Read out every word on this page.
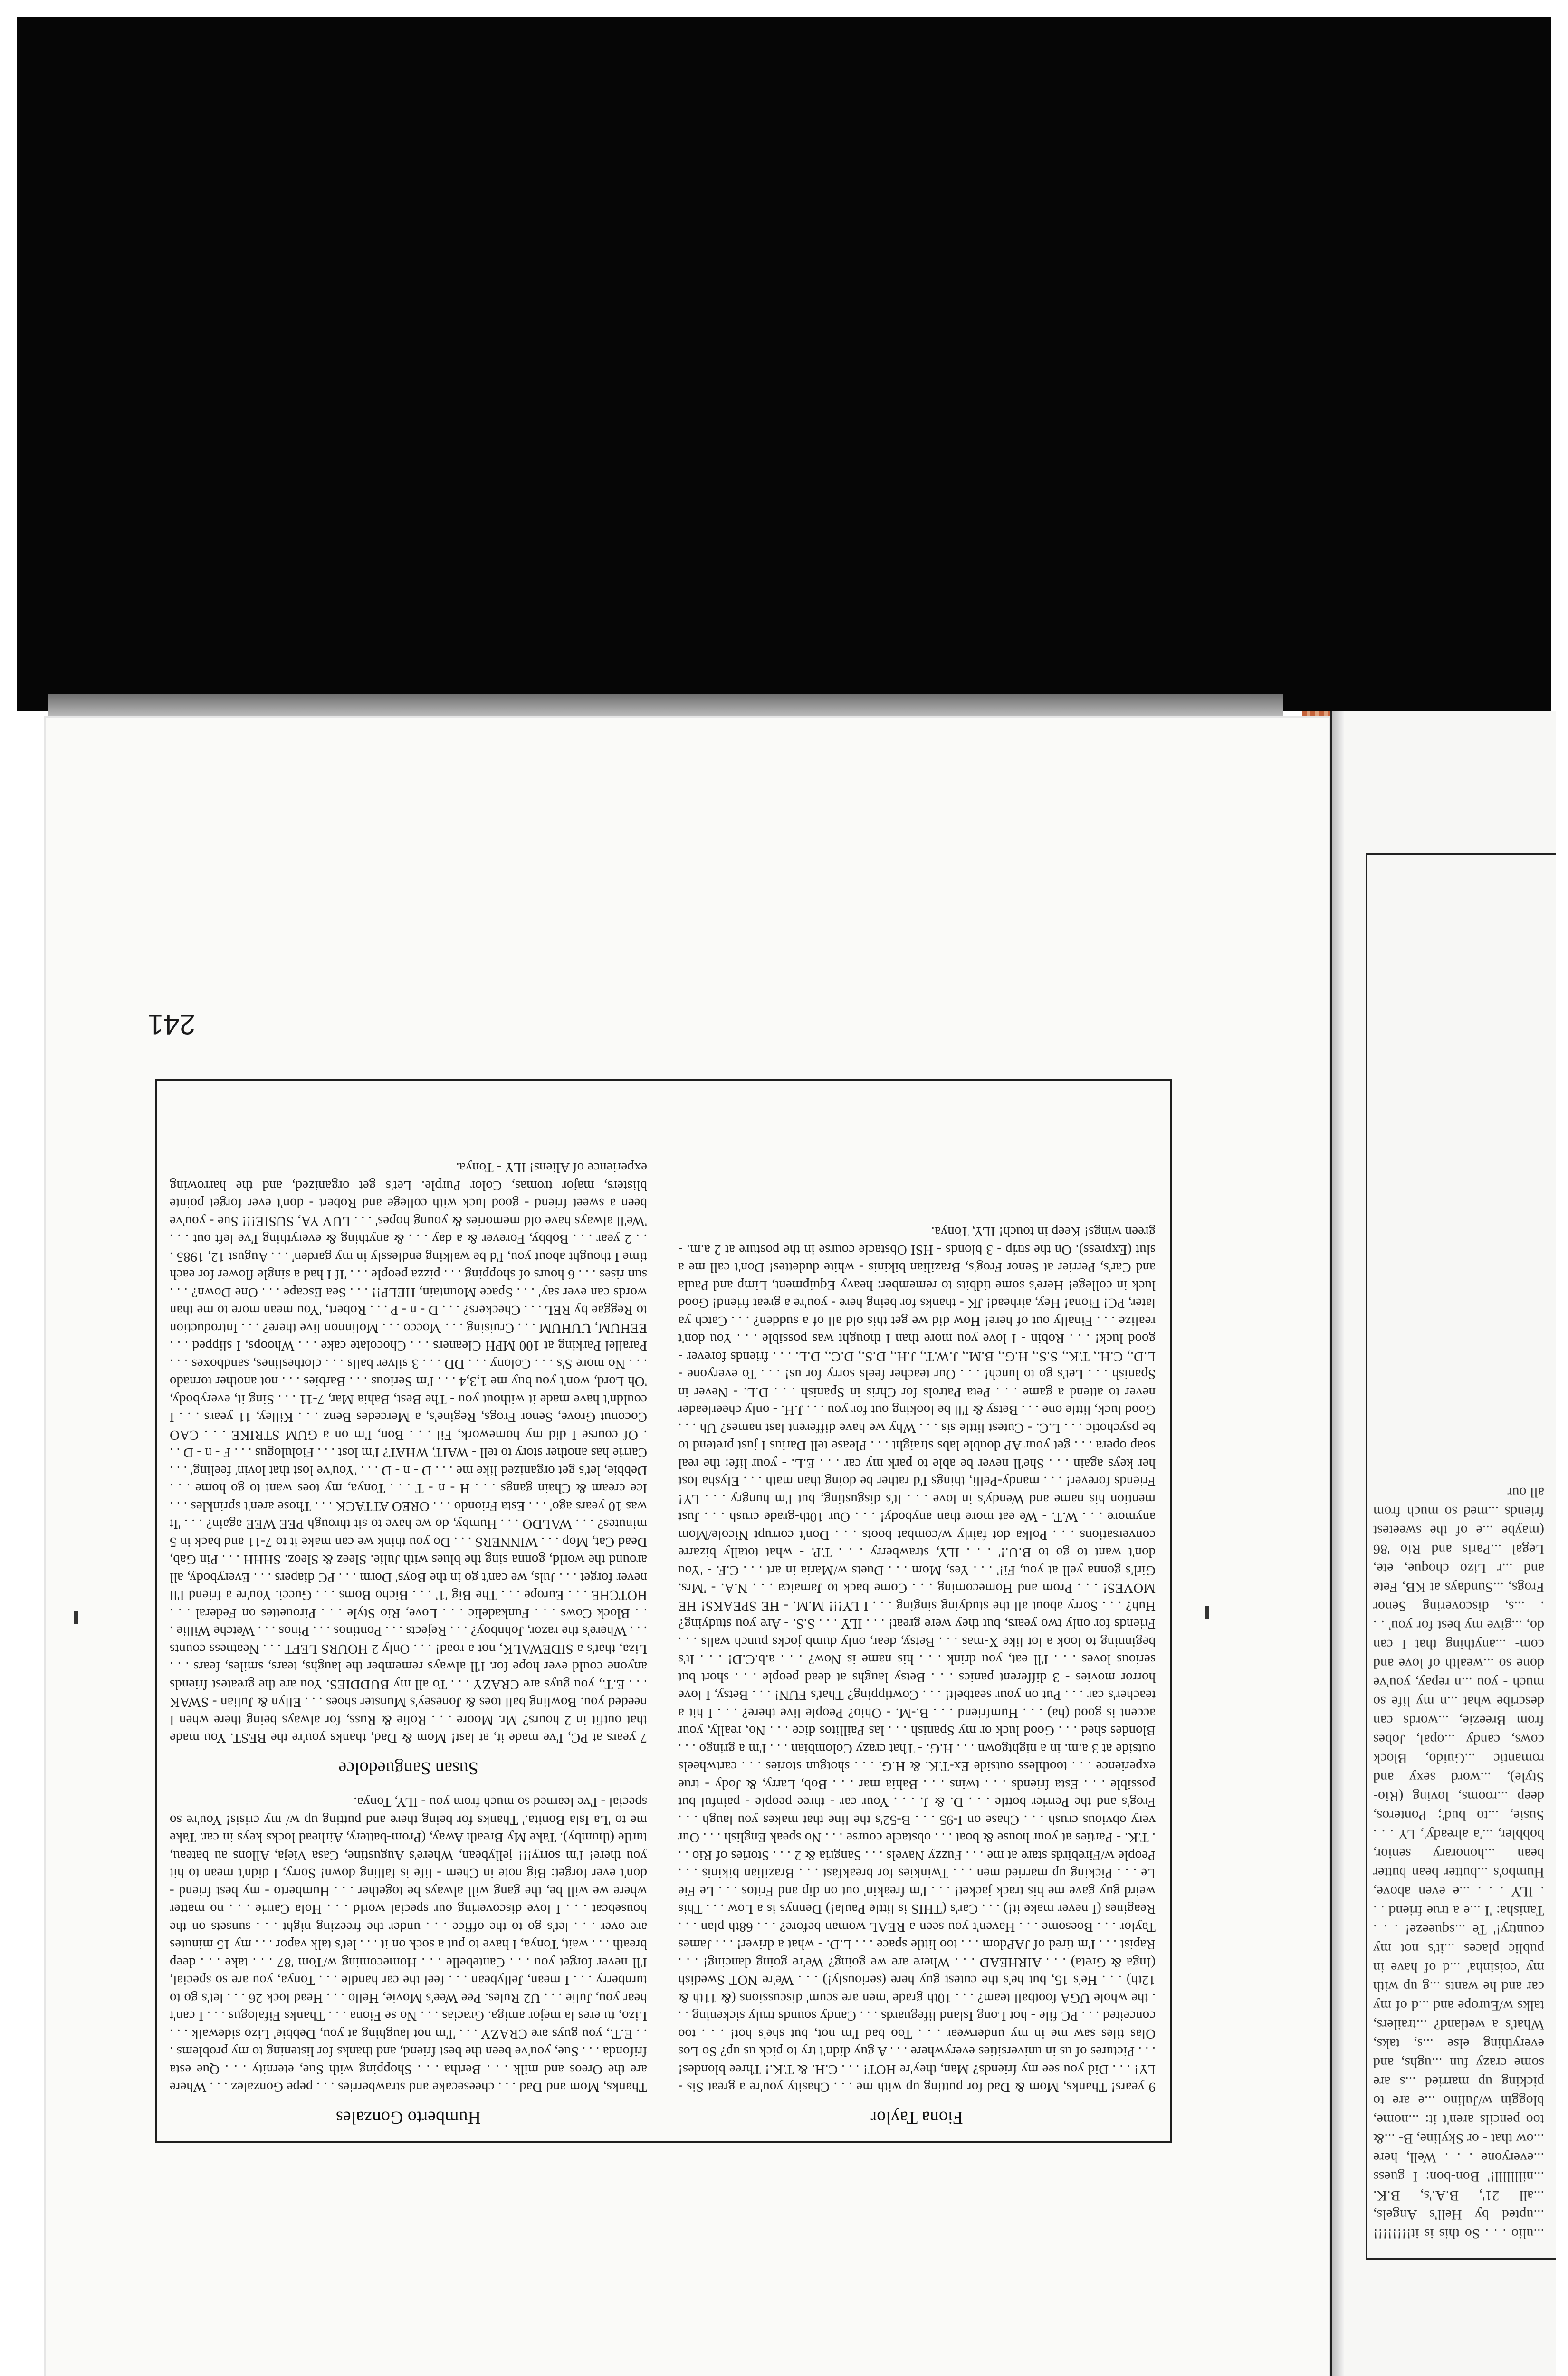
...ulio . . . So this is it!!!!!!!! ...upted by Hell's Angels, ...all 21', B.A.'s, B.K. ...nilllllll!' Bon-bon: I guess ...everyone . . . Well, here ...ow that - or Skyline, B- ...& too pencils aren't it: ...nome, bloggin w/Julino ...e are to picking up married ...s are some crazy fun ...ughs, and everything else ...s, taks, What's a wetland? ...trailers, talks w/Europe and ...d of my car and he wants ...g up with my 'coisinha' ...d of have in public places ...it's not my country!' Te ...squeeze! . . . Tanisha: 'I ...e a true friend . . . ILY . . . ...e even above, Humbo's ...butter bean butter bean ...honorary senior, bobbler, ...'a already', LY . . . Susie, ...to bud'; Ponteros, deep ...rooms, loving (Rio-Style), ...word sexy and romantic ...Guido, Block cows, candy ...opal, Jobes from Breezie, ...words can describe what ...n my life so much - you ...n repay, you've done so ...wealth of love and com- ...anything that I can do, ...give my best for you' . . . ...s, discovering Senor Frogs, ...Sundays at KB, Fete and ...r Lizo choque, ete, Legal ...Paris and Rio '86 (maybe ...e of the sweetest friends ...med so much from all our
Fiona Taylor

9 years! Thanks, Mom & Dad for putting up with me . . . Chasity you're a great Sis - LY! . . . Did you see my friends? Man, they're HOT! . . . C.H. & T.K.! Three blondes! . . . Pictures of us in universities everywhere . . . A guy didn't try to pick us up? So Los Olas tiles saw me in my underwear . . . Too bad I'm not, but she's hot! . . . too conceited . . . PC file - hot Long Island lifeguards . . . Candy sounds truly sickening . . . the whole UGA football team? . . . 10th grade 'men are scum' discussions (& 11th & 12th) . . . He's 15, but he's the cutest guy here (seriously!) . . . We're NOT Swedish (Inga & Greta) . . . AIRHEAD . . . Where are we going? We're going dancing! . . . Rapist . . . I'm tired of JAPdom . . . too little space . . . L.D. - what a driver! . . . James Taylor . . . Boesome . . . Haven't you seen a REAL woman before? . . . 68th plan . . . Reagines (I never make it!) . . . Car's (THIS is little Paula!) Dennys is a Low . . . This weird guy gave me his track jacket! . . . I'm freakin' out on dip and Fritos . . . Le Fie Le . . . Picking up married men . . . Twinkies for breakfast . . . Brazilian bikinis . . . People w/Firebirds stare at me . . . Fuzzy Navels . . . Sangria & 2 . . . Stories of Rio . . . T.K. - Parties at your house & boat . . . obstacle course . . . No speak English . . . Our very obvious crush . . . Chase on I-95 . . . B-52's the line that makes you laugh . . . Frog's and the Perrier bottle . . . D. & J. . . . Your car - three people - painful but possible . . . Esta friends . . . twins . . . Bahia mar . . . Bob, Larry, & Jody - true experience . . . toothless outside Ex-T.K. & H.G. . . . shotgun stories . . . cartwheels outside at 3 a.m. in a nightgown . . . H.G. - That crazy Colombian . . . I'm a gringo . . . Blondes shed . . . Good luck or my Spanish . . . las Paillitos dice . . . No, really, your accent is good (ha) . . . Humfriend . . . B.-M. - Ohio? People live there? . . . I hit a teacher's car . . . Put on your seatbelt! . . . Cowtipping? That's FUN! . . . Betsy, I love horror movies - 3 different panics . . . Betsy laughs at dead people . . . short but serious loves . . . I'll eat, you drink . . . his name is Now? . . . a.b.C.D! . . . It's beginning to look a lot like X-mas . . . Betsy, dear, only dumb jocks punch walls . . . Friends for only two years, but they were great! . . . ILY . . . S.S. - Are you studying? Huh? . . . Sorry about all the studying singing . . . I LY!!! M.M. - HE SPEAKS! HE MOVES! . . . Prom and Homecoming . . . Come back to Jamaica . . . N.A. - 'Mrs. Girl's gonna yell at you, Fi!' . . . Yes, Mom . . . Duets w/Maria in art . . . C.F. - 'You don't want to go to B.U.!' . . . ILY, strawberry . . . T.P. - what totally bizarre conversations . . . Polka dot fairly w/combat boots . . . Don't corrupt Nicole/Mom anymore . . . W.T. - We eat more than anybody! . . . Our 10th-grade crush . . . Just mention his name and Wendy's in love . . . It's disgusting, but I'm hungry . . . LY! Friends forever! . . . mandy-Pelli, things I'd rather be doing than math . . . Elysha lost her keys again . . . She'll never be able to park my car . . . E.L. - your life: the real soap opera . . . get your AP double labs straight . . . Please tell Darius I just pretend to be psychotic . . . L.C. - Cutest little sis . . . Why we have different last names? Uh . . . Good luck, little one . . . Betsy & I'll be looking out for you . . . J.H. - only cheerleader never to attend a game . . . Peta Patrols for Chris in Spanish . . . D.L. - Never in Spanish . . . Let's go to lunch! . . . Our teacher feels sorry for us! . . . To everyone - L.D., C.H., T.K., S.S., H.G., B.M., J.W.T., J.H., D.S., D.C., D.L. . . . friends forever - good luck! . . . Robin - I love you more than I thought was possible . . . You don't realize . . . Finally out of here! How did we get this old all of a sudden? . . . Catch ya later, PC! Fiona! Hey, airhead! JK - thanks for being here - you're a great friend! Good luck in college! Here's some tidbits to remember: heavy Equipment, Limp and Paula and Car's, Perrier at Senor Frog's, Brazilian bikinis - white dudettes! Don't call me a slut (Express). On the strip - 3 blonds - HSI Obstacle course in the posture at 2 a.m. - green wings! Keep in touch! ILY, Tonya.

Humberto Gonzales

Thanks, Mom and Dad . . . cheesecake and strawberries . . . pepe Gonzalez . . . Where are the Oreos and milk . . . Bertha . . . Shopping with Sue, eternity . . . Que esta frifonda . . . Sue, you've been the best friend, and thanks for listening to my problems . . . E.T., you guys are CRAZY . . . 'I'm not laughing at you, Debbie' Lizo sidewalk . . . Lizo, tu eres la mejor amiga. Gracias . . . No se Fiona . . . Thanks Fifalogus . . . I can't hear you, Julie . . . U2 Rules. Pee Wee's Movie, Hello . . . Head lock 26 . . . let's go to turnberry . . . I mean, Jellybean . . . feel the car handle . . . Tonya, you are so special, I'll never forget you . . . Cantebelle . . . Homecoming w/Tom '87 . . . take . . . deep breath . . . wait, Tonya, I have to put a sock on it . . . let's talk vapor . . . my 15 minutes are over . . . let's go to the office . . . under the freezing night . . . sunsets on the housebcat . . . I love discovering our special world . . . Hola Carrie . . . no matter where we will be, the gang will always be together . . . Humberto - my best friend - don't ever forget: Big note in Chem - life is falling down! Sorry, I didn't mean to hit you there! I'm sorry!!! jellybean, Where's Augustine, Casa Vieja, Allons au bateau, turtle (thumby). Take My Breath Away, (Prom-battery, Airhead locks keys in car. Take me to 'La Isla Bonita.' Thanks for being there and putting up w/ my crisis! You're so special - I've learned so much from you - ILY, Tonya.

Susan Sanguedolce

7 years at PC, I've made it, at last! Mom & Dad, thanks you're the BEST. You made that outfit in 2 hours? Mr. Moore . . . Rolie & Russ, for always being there when I needed you. Bowling ball toes & Jonesey's Munster shoes . . . Ellyn & Julian - SWAK . . . E.T., you guys are CRAZY . . . To all my BUDDIES. You are the greatest friends anyone could ever hope for. I'll always remember the laughs, tears, smiles, fears . . . Liza, that's a SIDEWALK, not a road! . . . Only 2 HOURS LEFT . . . Neatness counts . . . Where's the razor, Johnboy? . . . Rejects . . . Pontinos . . . Pinos . . . Wetche Willie . . . Block Cows . . . Funkadelic . . . Love, Rio Style . . . Pirouettes on Federal . . . HOTCHE . . . Europe . . . The Big '1' . . . Bicho Boms . . . Gucci. You're a friend I'll never forget . . . Juls, we can't go in the Boys' Dorm . . . PC diapers . . . Everybody, all around the world, gonna sing the blues with Julie. Sleez & Sleoz. SHHH . . . Pin Gab, Dead Cat, Mop . . . WINNERS . . . Do you think we can make it to 7-11 and back in 5 minutes? . . . WALDO . . . Humby, do we have to sit through PEE WEE again? . . . 'It was 10 years ago' . . . Esta Friondo . . . OREO ATTACK . . . Those aren't sprinkles . . . Ice cream & Chain gangs . . . H - n - T . . . Tonya, my toes want to go home . . . Debbie, let's get organized like me . . . D - n - D . . . 'You've lost that lovin' feeling' . . . Carrie has another story to tell - WAIT, WHAT? I'm lost . . . Fiolulogus . . . F - n - D . . . Of course I did my homework, Fil . . . Bon, I'm on a GUM STRIKE . . . CAO Coconut Grove, Senor Frogs, Regine's, a Mercedes Benz . . . Killey, 11 years . . . I couldn't have made it without you - The Best, Bahia Mar, 7-11 . . . Sing it, everybody, 'Oh Lord, won't you buy me 1,3,4 . . . I'm Serious . . . Barbies . . . not another tornado . . . No more S's . . . Colony . . . DD . . . 3 silver balls . . . clotheslines, sandboxes . . . Parallel Parking at 100 MPH Cleaners . . . Chocolate cake . . . Whoops, I slipped . . . EEHUM, UUHUM . . . Cruising . . . Mocco . . . Molinnon live there? . . . Introduction to Reggae by REL . . . Checkers? . . . D - n - P . . . Robert, 'You mean more to me than words can ever say' . . . Space Mountain, HELP!! . . . Sea Escape . . . One Down? . . . sun rises . . . 6 hours of shopping . . . pizza people . . . 'If I had a single flower for each time I thought about you, I'd be walking endlessly in my garden' . . . August 12, 1985 . . . 2 year . . . Bobby, Forever & a day . . . & anything & everything I've left out . . . 'We'll always have old memories & young hopes' . . . LUV YA, SUSIE!!! Sue - you've been a sweet friend - good luck with college and Robert - don't ever forget pointe blisters, major tromas, Color Purple. Let's get organized, and the harrowing experience of Aliens! ILY - Tonya.

241
